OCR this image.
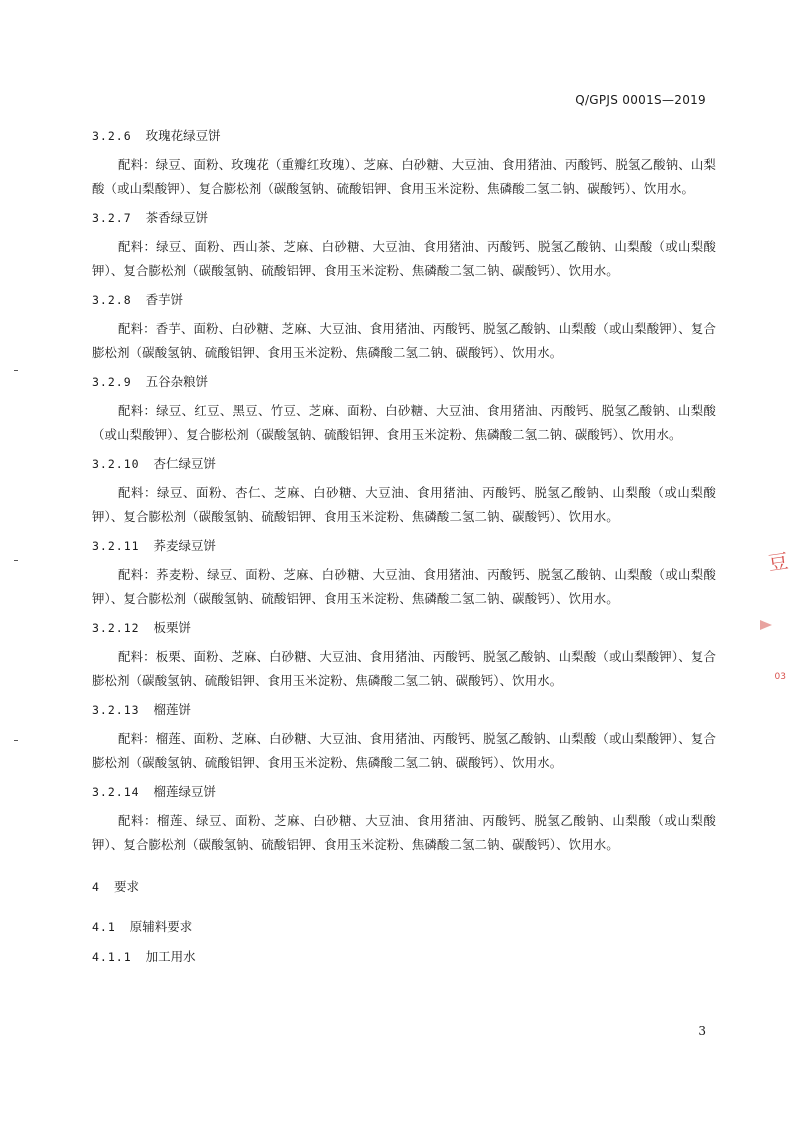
Q/GPJS 0001S—2019
豆
03

3.2.6 玫瑰花绿豆饼

配料：绿豆、面粉、玫瑰花（重瓣红玫瑰）、芝麻、白砂糖、大豆油、食用猪油、丙酸钙、脱氢乙酸钠、山梨酸（或山梨酸钾）、复合膨松剂（碳酸氢钠、硫酸铝钾、食用玉米淀粉、焦磷酸二氢二钠、碳酸钙）、饮用水。

3.2.7 茶香绿豆饼

配料：绿豆、面粉、西山茶、芝麻、白砂糖、大豆油、食用猪油、丙酸钙、脱氢乙酸钠、山梨酸（或山梨酸钾）、复合膨松剂（碳酸氢钠、硫酸铝钾、食用玉米淀粉、焦磷酸二氢二钠、碳酸钙）、饮用水。

3.2.8 香芋饼

配料：香芋、面粉、白砂糖、芝麻、大豆油、食用猪油、丙酸钙、脱氢乙酸钠、山梨酸（或山梨酸钾）、复合膨松剂（碳酸氢钠、硫酸铝钾、食用玉米淀粉、焦磷酸二氢二钠、碳酸钙）、饮用水。

3.2.9 五谷杂粮饼

配料：绿豆、红豆、黑豆、竹豆、芝麻、面粉、白砂糖、大豆油、食用猪油、丙酸钙、脱氢乙酸钠、山梨酸（或山梨酸钾）、复合膨松剂（碳酸氢钠、硫酸铝钾、食用玉米淀粉、焦磷酸二氢二钠、碳酸钙）、饮用水。

3.2.10 杏仁绿豆饼

配料：绿豆、面粉、杏仁、芝麻、白砂糖、大豆油、食用猪油、丙酸钙、脱氢乙酸钠、山梨酸（或山梨酸钾）、复合膨松剂（碳酸氢钠、硫酸铝钾、食用玉米淀粉、焦磷酸二氢二钠、碳酸钙）、饮用水。

3.2.11 荞麦绿豆饼

配料：荞麦粉、绿豆、面粉、芝麻、白砂糖、大豆油、食用猪油、丙酸钙、脱氢乙酸钠、山梨酸（或山梨酸钾）、复合膨松剂（碳酸氢钠、硫酸铝钾、食用玉米淀粉、焦磷酸二氢二钠、碳酸钙）、饮用水。

3.2.12 板栗饼

配料：板栗、面粉、芝麻、白砂糖、大豆油、食用猪油、丙酸钙、脱氢乙酸钠、山梨酸（或山梨酸钾）、复合膨松剂（碳酸氢钠、硫酸铝钾、食用玉米淀粉、焦磷酸二氢二钠、碳酸钙）、饮用水。

3.2.13 榴莲饼

配料：榴莲、面粉、芝麻、白砂糖、大豆油、食用猪油、丙酸钙、脱氢乙酸钠、山梨酸（或山梨酸钾）、复合膨松剂（碳酸氢钠、硫酸铝钾、食用玉米淀粉、焦磷酸二氢二钠、碳酸钙）、饮用水。

3.2.14 榴莲绿豆饼

配料：榴莲、绿豆、面粉、芝麻、白砂糖、大豆油、食用猪油、丙酸钙、脱氢乙酸钠、山梨酸（或山梨酸钾）、复合膨松剂（碳酸氢钠、硫酸铝钾、食用玉米淀粉、焦磷酸二氢二钠、碳酸钙）、饮用水。

4 要求

4.1 原辅料要求

4.1.1 加工用水

3
